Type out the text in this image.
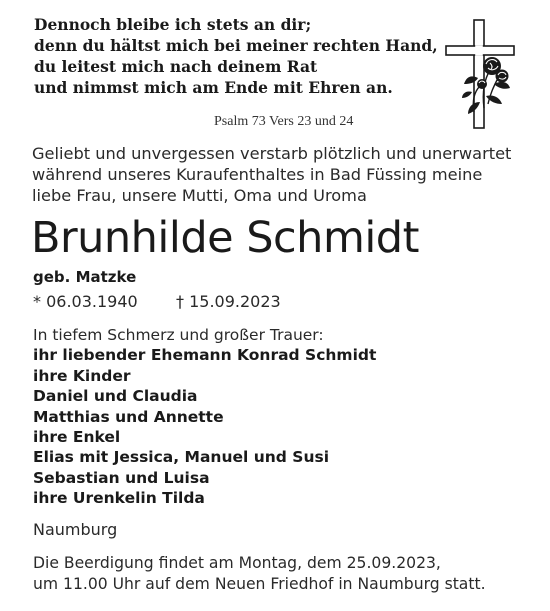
Dennoch bleibe ich stets an dir;
denn du hältst mich bei meiner rechten Hand,
du leitest mich nach deinem Rat
und nimmst mich am Ende mit Ehren an.
Psalm 73 Vers 23 und 24
Geliebt und unvergessen verstarb plötzlich und unerwartet
während unseres Kuraufenthaltes in Bad Füssing meine
liebe Frau, unsere Mutti, Oma und Uroma
Brunhilde Schmidt
geb. Matzke
* 06.03.1940 † 15.09.2023
In tiefem Schmerz und großer Trauer:
ihr liebender Ehemann Konrad Schmidt
ihre Kinder
Daniel und Claudia
Matthias und Annette
ihre Enkel
Elias mit Jessica, Manuel und Susi
Sebastian und Luisa
ihre Urenkelin Tilda
Naumburg
Die Beerdigung findet am Montag, dem 25.09.2023,
um 11.00 Uhr auf dem Neuen Friedhof in Naumburg statt.
